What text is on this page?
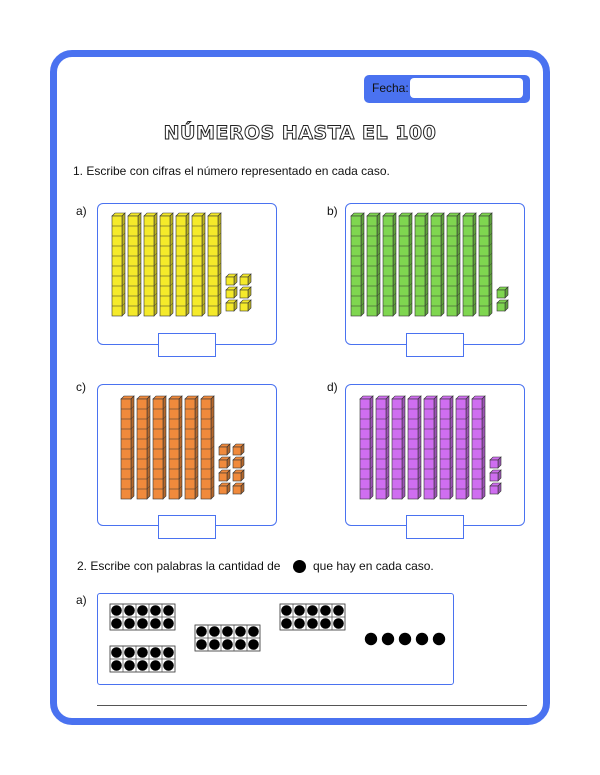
Fecha:
NÚMEROS HASTA EL 100
1. Escribe con cifras el número representado en cada caso.
a)	b)
c)	d)
2. Escribe con palabras la cantidad de	que hay en cada caso.
a)
